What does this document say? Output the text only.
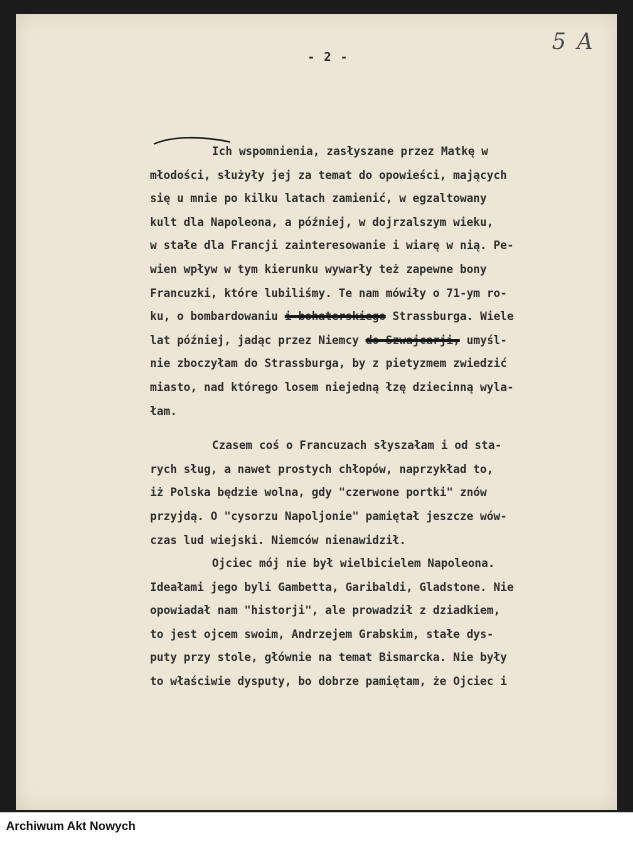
- 2 -
5 A
Ich wspomnienia, zasłyszane przez Matkę w
młodości, służyły jej za temat do opowieści, mających
się u mnie po kilku latach zamienić, w egzaltowany
kult dla Napoleona, a później, w dojrzalszym wieku,
w stałe dla Francji zainteresowanie i wiarę w nią. Pe-
wien wpływ w tym kierunku wywarły też zapewne bony
Francuzki, które lubiliśmy. Te nam mówiły o 71-ym ro-
ku, o bombardowaniu i bohaterskiego Strassburga. Wiele
lat później, jadąc przez Niemcy do Szwajcarji, umyśl-
nie zboczyłam do Strassburga, by z pietyzmem zwiedzić
miasto, nad którego losem niejedną łzę dziecinną wyla-
łam.
Czasem coś o Francuzach słyszałam i od sta-
rych sług, a nawet prostych chłopów, naprzykład to,
iż Polska będzie wolna, gdy "czerwone portki" znów
przyjdą. O "cysorzu Napoljonie" pamiętał jeszcze wów-
czas lud wiejski. Niemców nienawidził.
Ojciec mój nie był wielbicielem Napoleona.
Ideałami jego byli Gambetta, Garibaldi, Gladstone. Nie
opowiadał nam "historji", ale prowadził z dziadkiem,
to jest ojcem swoim, Andrzejem Grabskim, stałe dys-
puty przy stole, głównie na temat Bismarcka. Nie były
to właściwie dysputy, bo dobrze pamiętam, że Ojciec i
Archiwum Akt Nowych
